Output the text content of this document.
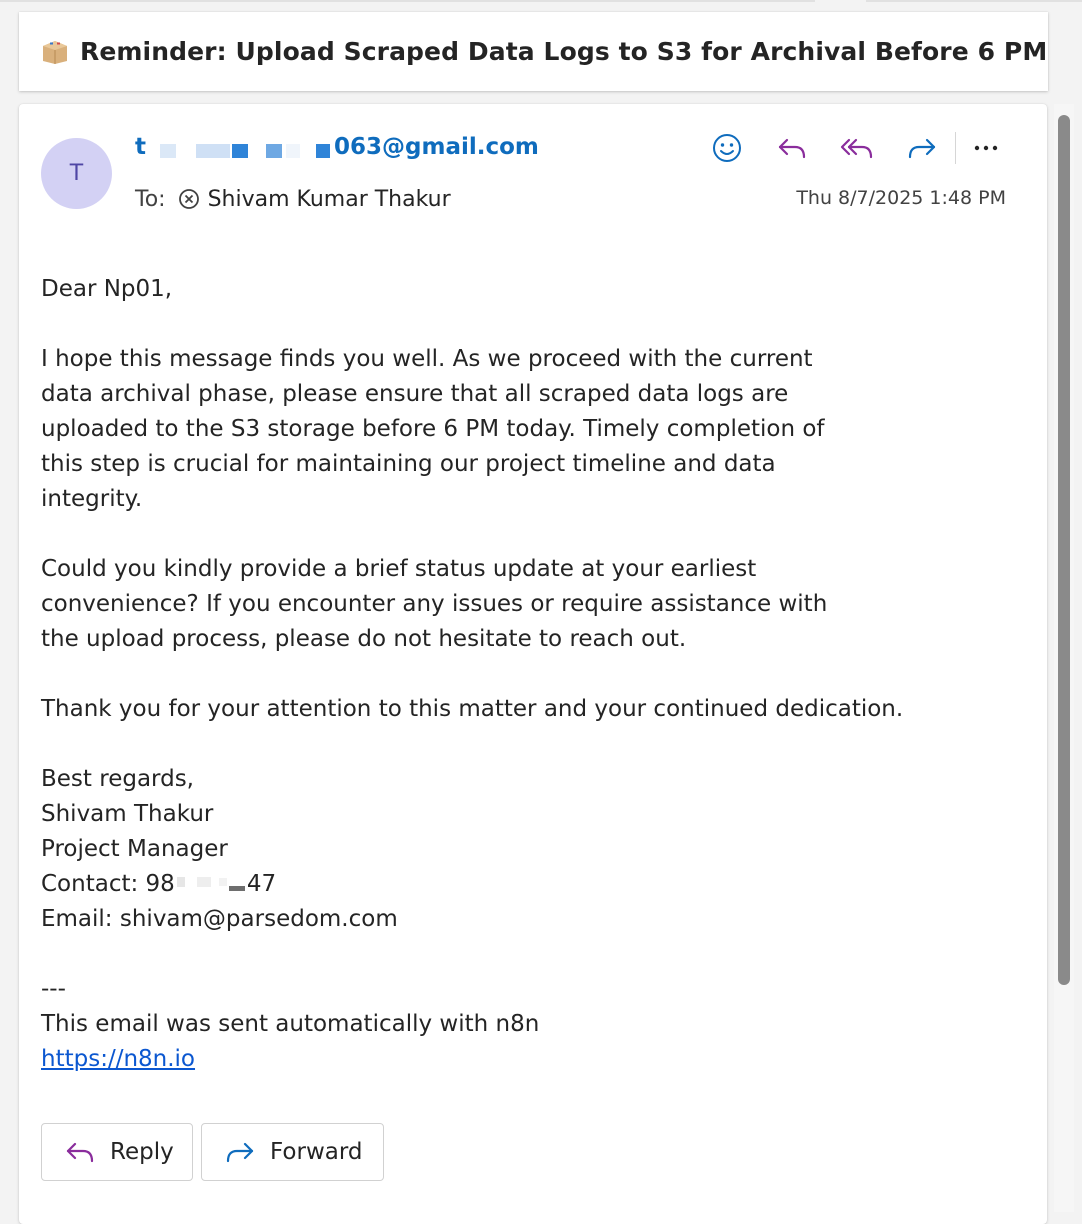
Reminder: Upload Scraped Data Logs to S3 for Archival Before 6 PM
T
t	063@gmail.com
To: Shivam Kumar Thakur	Thu 8/7/2025 1:48 PM

Dear Np01,

I hope this message finds you well. As we proceed with the current

data archival phase, please ensure that all scraped data logs are

uploaded to the S3 storage before 6 PM today. Timely completion of

this step is crucial for maintaining our project timeline and data

integrity.

Could you kindly provide a brief status update at your earliest

convenience? If you encounter any issues or require assistance with

the upload process, please do not hesitate to reach out.

Thank you for your attention to this matter and your continued dedication.

Best regards,

Shivam Thakur

Project Manager

Contact: 98	47

Email: shivam@parsedom.com

---

This email was sent automatically with n8n

https://n8n.io

Reply	Forward
